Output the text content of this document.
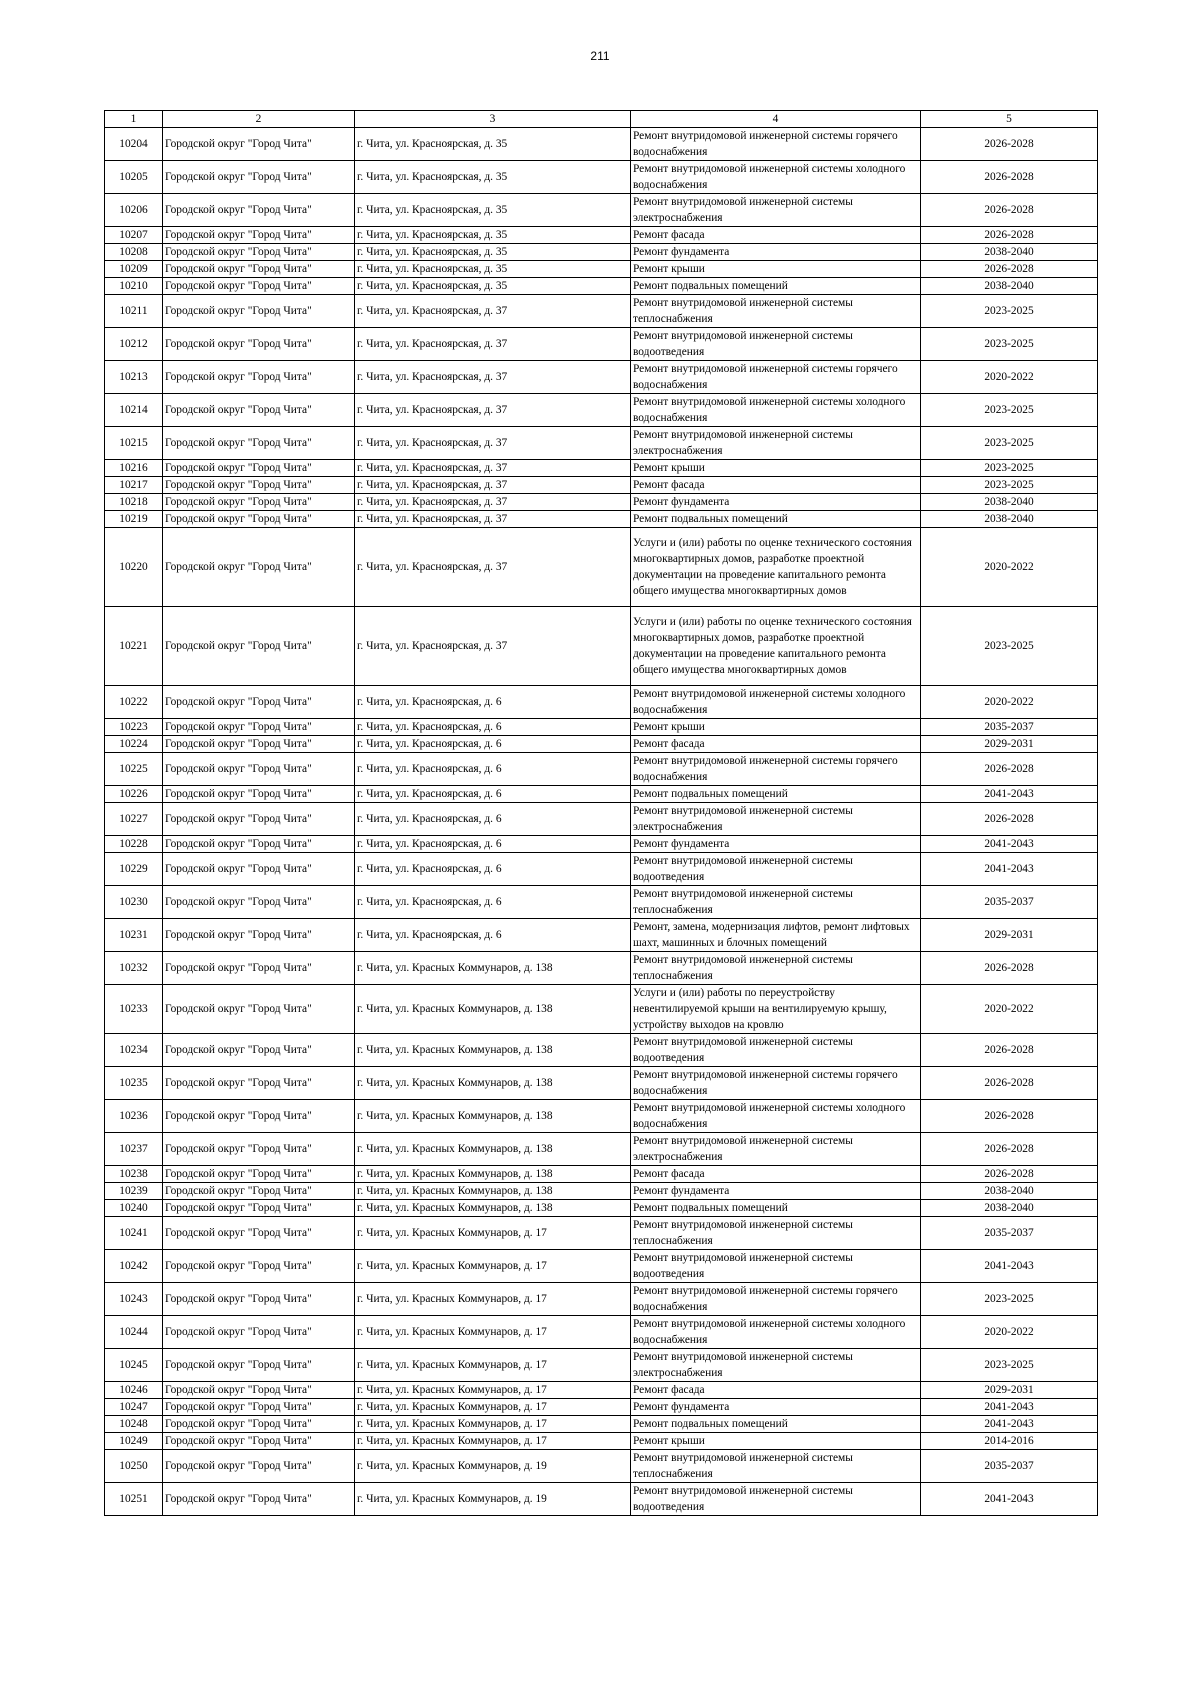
211
1	2	3	4	5
10204	Городской округ "Город Чита"	г. Чита, ул. Красноярская, д. 35	Ремонт внутридомовой инженерной системы горячего водоснабжения	2026-2028
10205	Городской округ "Город Чита"	г. Чита, ул. Красноярская, д. 35	Ремонт внутридомовой инженерной системы холодного водоснабжения	2026-2028
10206	Городской округ "Город Чита"	г. Чита, ул. Красноярская, д. 35	Ремонт внутридомовой инженерной системы электроснабжения	2026-2028
10207	Городской округ "Город Чита"	г. Чита, ул. Красноярская, д. 35	Ремонт фасада	2026-2028
10208	Городской округ "Город Чита"	г. Чита, ул. Красноярская, д. 35	Ремонт фундамента	2038-2040
10209	Городской округ "Город Чита"	г. Чита, ул. Красноярская, д. 35	Ремонт крыши	2026-2028
10210	Городской округ "Город Чита"	г. Чита, ул. Красноярская, д. 35	Ремонт подвальных помещений	2038-2040
10211	Городской округ "Город Чита"	г. Чита, ул. Красноярская, д. 37	Ремонт внутридомовой инженерной системы теплоснабжения	2023-2025
10212	Городской округ "Город Чита"	г. Чита, ул. Красноярская, д. 37	Ремонт внутридомовой инженерной системы водоотведения	2023-2025
10213	Городской округ "Город Чита"	г. Чита, ул. Красноярская, д. 37	Ремонт внутридомовой инженерной системы горячего водоснабжения	2020-2022
10214	Городской округ "Город Чита"	г. Чита, ул. Красноярская, д. 37	Ремонт внутридомовой инженерной системы холодного водоснабжения	2023-2025
10215	Городской округ "Город Чита"	г. Чита, ул. Красноярская, д. 37	Ремонт внутридомовой инженерной системы электроснабжения	2023-2025
10216	Городской округ "Город Чита"	г. Чита, ул. Красноярская, д. 37	Ремонт крыши	2023-2025
10217	Городской округ "Город Чита"	г. Чита, ул. Красноярская, д. 37	Ремонт фасада	2023-2025
10218	Городской округ "Город Чита"	г. Чита, ул. Красноярская, д. 37	Ремонт фундамента	2038-2040
10219	Городской округ "Город Чита"	г. Чита, ул. Красноярская, д. 37	Ремонт подвальных помещений	2038-2040
10220	Городской округ "Город Чита"	г. Чита, ул. Красноярская, д. 37	Услуги и (или) работы по оценке технического состояния многоквартирных домов, разработке проектной документации на проведение капитального ремонта общего имущества многоквартирных домов	2020-2022
10221	Городской округ "Город Чита"	г. Чита, ул. Красноярская, д. 37	Услуги и (или) работы по оценке технического состояния многоквартирных домов, разработке проектной документации на проведение капитального ремонта общего имущества многоквартирных домов	2023-2025
10222	Городской округ "Город Чита"	г. Чита, ул. Красноярская, д. 6	Ремонт внутридомовой инженерной системы холодного водоснабжения	2020-2022
10223	Городской округ "Город Чита"	г. Чита, ул. Красноярская, д. 6	Ремонт крыши	2035-2037
10224	Городской округ "Город Чита"	г. Чита, ул. Красноярская, д. 6	Ремонт фасада	2029-2031
10225	Городской округ "Город Чита"	г. Чита, ул. Красноярская, д. 6	Ремонт внутридомовой инженерной системы горячего водоснабжения	2026-2028
10226	Городской округ "Город Чита"	г. Чита, ул. Красноярская, д. 6	Ремонт подвальных помещений	2041-2043
10227	Городской округ "Город Чита"	г. Чита, ул. Красноярская, д. 6	Ремонт внутридомовой инженерной системы электроснабжения	2026-2028
10228	Городской округ "Город Чита"	г. Чита, ул. Красноярская, д. 6	Ремонт фундамента	2041-2043
10229	Городской округ "Город Чита"	г. Чита, ул. Красноярская, д. 6	Ремонт внутридомовой инженерной системы водоотведения	2041-2043
10230	Городской округ "Город Чита"	г. Чита, ул. Красноярская, д. 6	Ремонт внутридомовой инженерной системы теплоснабжения	2035-2037
10231	Городской округ "Город Чита"	г. Чита, ул. Красноярская, д. 6	Ремонт, замена, модернизация лифтов, ремонт лифтовых шахт, машинных и блочных помещений	2029-2031
10232	Городской округ "Город Чита"	г. Чита, ул. Красных Коммунаров, д. 138	Ремонт внутридомовой инженерной системы теплоснабжения	2026-2028
10233	Городской округ "Город Чита"	г. Чита, ул. Красных Коммунаров, д. 138	Услуги и (или) работы по переустройству невентилируемой крыши на вентилируемую крышу, устройству выходов на кровлю	2020-2022
10234	Городской округ "Город Чита"	г. Чита, ул. Красных Коммунаров, д. 138	Ремонт внутридомовой инженерной системы водоотведения	2026-2028
10235	Городской округ "Город Чита"	г. Чита, ул. Красных Коммунаров, д. 138	Ремонт внутридомовой инженерной системы горячего водоснабжения	2026-2028
10236	Городской округ "Город Чита"	г. Чита, ул. Красных Коммунаров, д. 138	Ремонт внутридомовой инженерной системы холодного водоснабжения	2026-2028
10237	Городской округ "Город Чита"	г. Чита, ул. Красных Коммунаров, д. 138	Ремонт внутридомовой инженерной системы электроснабжения	2026-2028
10238	Городской округ "Город Чита"	г. Чита, ул. Красных Коммунаров, д. 138	Ремонт фасада	2026-2028
10239	Городской округ "Город Чита"	г. Чита, ул. Красных Коммунаров, д. 138	Ремонт фундамента	2038-2040
10240	Городской округ "Город Чита"	г. Чита, ул. Красных Коммунаров, д. 138	Ремонт подвальных помещений	2038-2040
10241	Городской округ "Город Чита"	г. Чита, ул. Красных Коммунаров, д. 17	Ремонт внутридомовой инженерной системы теплоснабжения	2035-2037
10242	Городской округ "Город Чита"	г. Чита, ул. Красных Коммунаров, д. 17	Ремонт внутридомовой инженерной системы водоотведения	2041-2043
10243	Городской округ "Город Чита"	г. Чита, ул. Красных Коммунаров, д. 17	Ремонт внутридомовой инженерной системы горячего водоснабжения	2023-2025
10244	Городской округ "Город Чита"	г. Чита, ул. Красных Коммунаров, д. 17	Ремонт внутридомовой инженерной системы холодного водоснабжения	2020-2022
10245	Городской округ "Город Чита"	г. Чита, ул. Красных Коммунаров, д. 17	Ремонт внутридомовой инженерной системы электроснабжения	2023-2025
10246	Городской округ "Город Чита"	г. Чита, ул. Красных Коммунаров, д. 17	Ремонт фасада	2029-2031
10247	Городской округ "Город Чита"	г. Чита, ул. Красных Коммунаров, д. 17	Ремонт фундамента	2041-2043
10248	Городской округ "Город Чита"	г. Чита, ул. Красных Коммунаров, д. 17	Ремонт подвальных помещений	2041-2043
10249	Городской округ "Город Чита"	г. Чита, ул. Красных Коммунаров, д. 17	Ремонт крыши	2014-2016
10250	Городской округ "Город Чита"	г. Чита, ул. Красных Коммунаров, д. 19	Ремонт внутридомовой инженерной системы теплоснабжения	2035-2037
10251	Городской округ "Город Чита"	г. Чита, ул. Красных Коммунаров, д. 19	Ремонт внутридомовой инженерной системы водоотведения	2041-2043
